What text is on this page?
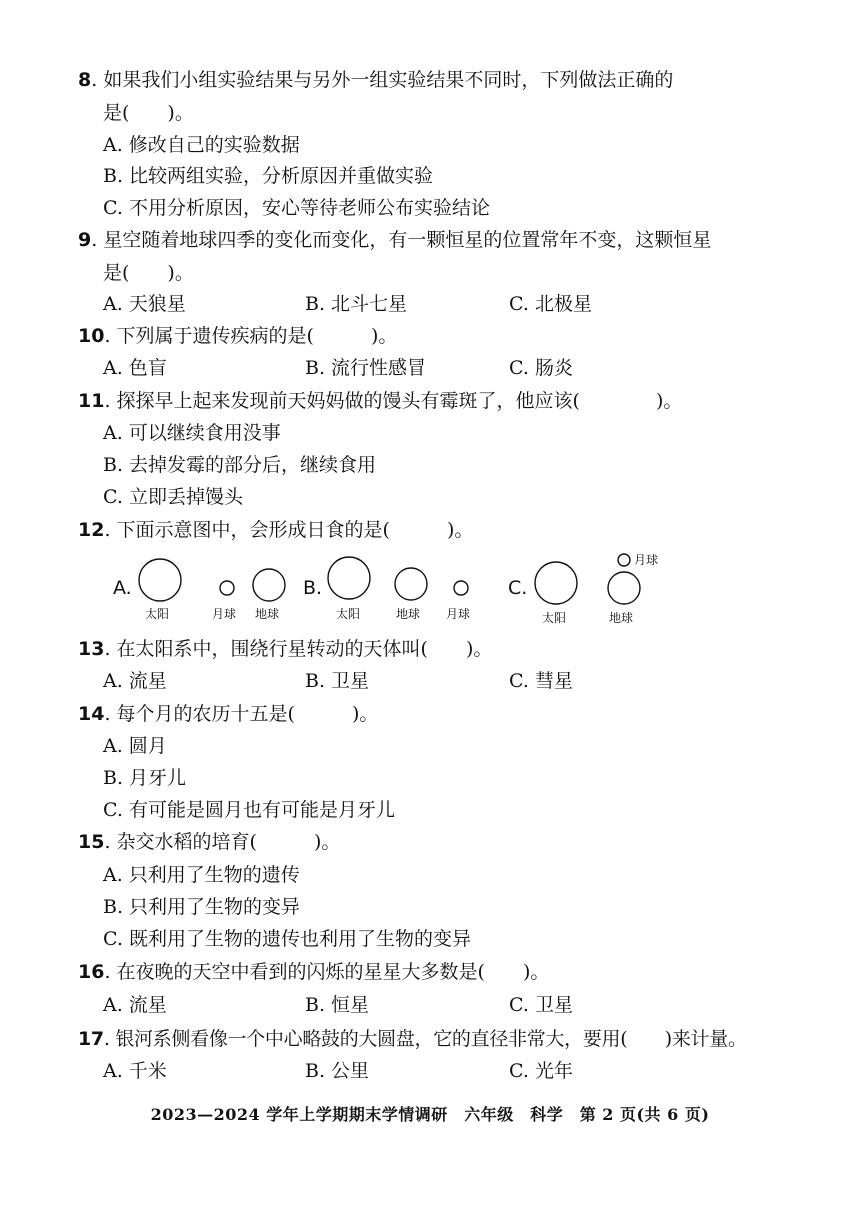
8. 如果我们小组实验结果与另外一组实验结果不同时，下列做法正确的
是(　　)。
A. 修改自己的实验数据
B. 比较两组实验，分析原因并重做实验
C. 不用分析原因，安心等待老师公布实验结论
9. 星空随着地球四季的变化而变化，有一颗恒星的位置常年不变，这颗恒星
是(　　)。
A. 天狼星	B. 北斗七星	C. 北极星
10. 下列属于遗传疾病的是(　　　)。
A. 色盲	B. 流行性感冒	C. 肠炎
11. 探探早上起来发现前天妈妈做的馒头有霉斑了，他应该(　　　　)。
A. 可以继续食用没事
B. 去掉发霉的部分后，继续食用
C. 立即丢掉馒头
12. 下面示意图中，会形成日食的是(　　　)。
A.	B.	C.
太阳	月球 地球	太阳	地球 月球	太阳	地球
月球
13. 在太阳系中，围绕行星转动的天体叫(　　)。
A. 流星	B. 卫星	C. 彗星
14. 每个月的农历十五是(　　　)。
A. 圆月
B. 月牙儿
C. 有可能是圆月也有可能是月牙儿
15. 杂交水稻的培育(　　　)。
A. 只利用了生物的遗传
B. 只利用了生物的变异
C. 既利用了生物的遗传也利用了生物的变异
16. 在夜晚的天空中看到的闪烁的星星大多数是(　　)。
A. 流星	B. 恒星	C. 卫星
17. 银河系侧看像一个中心略鼓的大圆盘，它的直径非常大，要用(　　)来计量。
A. 千米	B. 公里	C. 光年
2023—2024 学年上学期期末学情调研　六年级　科学　第 2 页(共 6 页)
